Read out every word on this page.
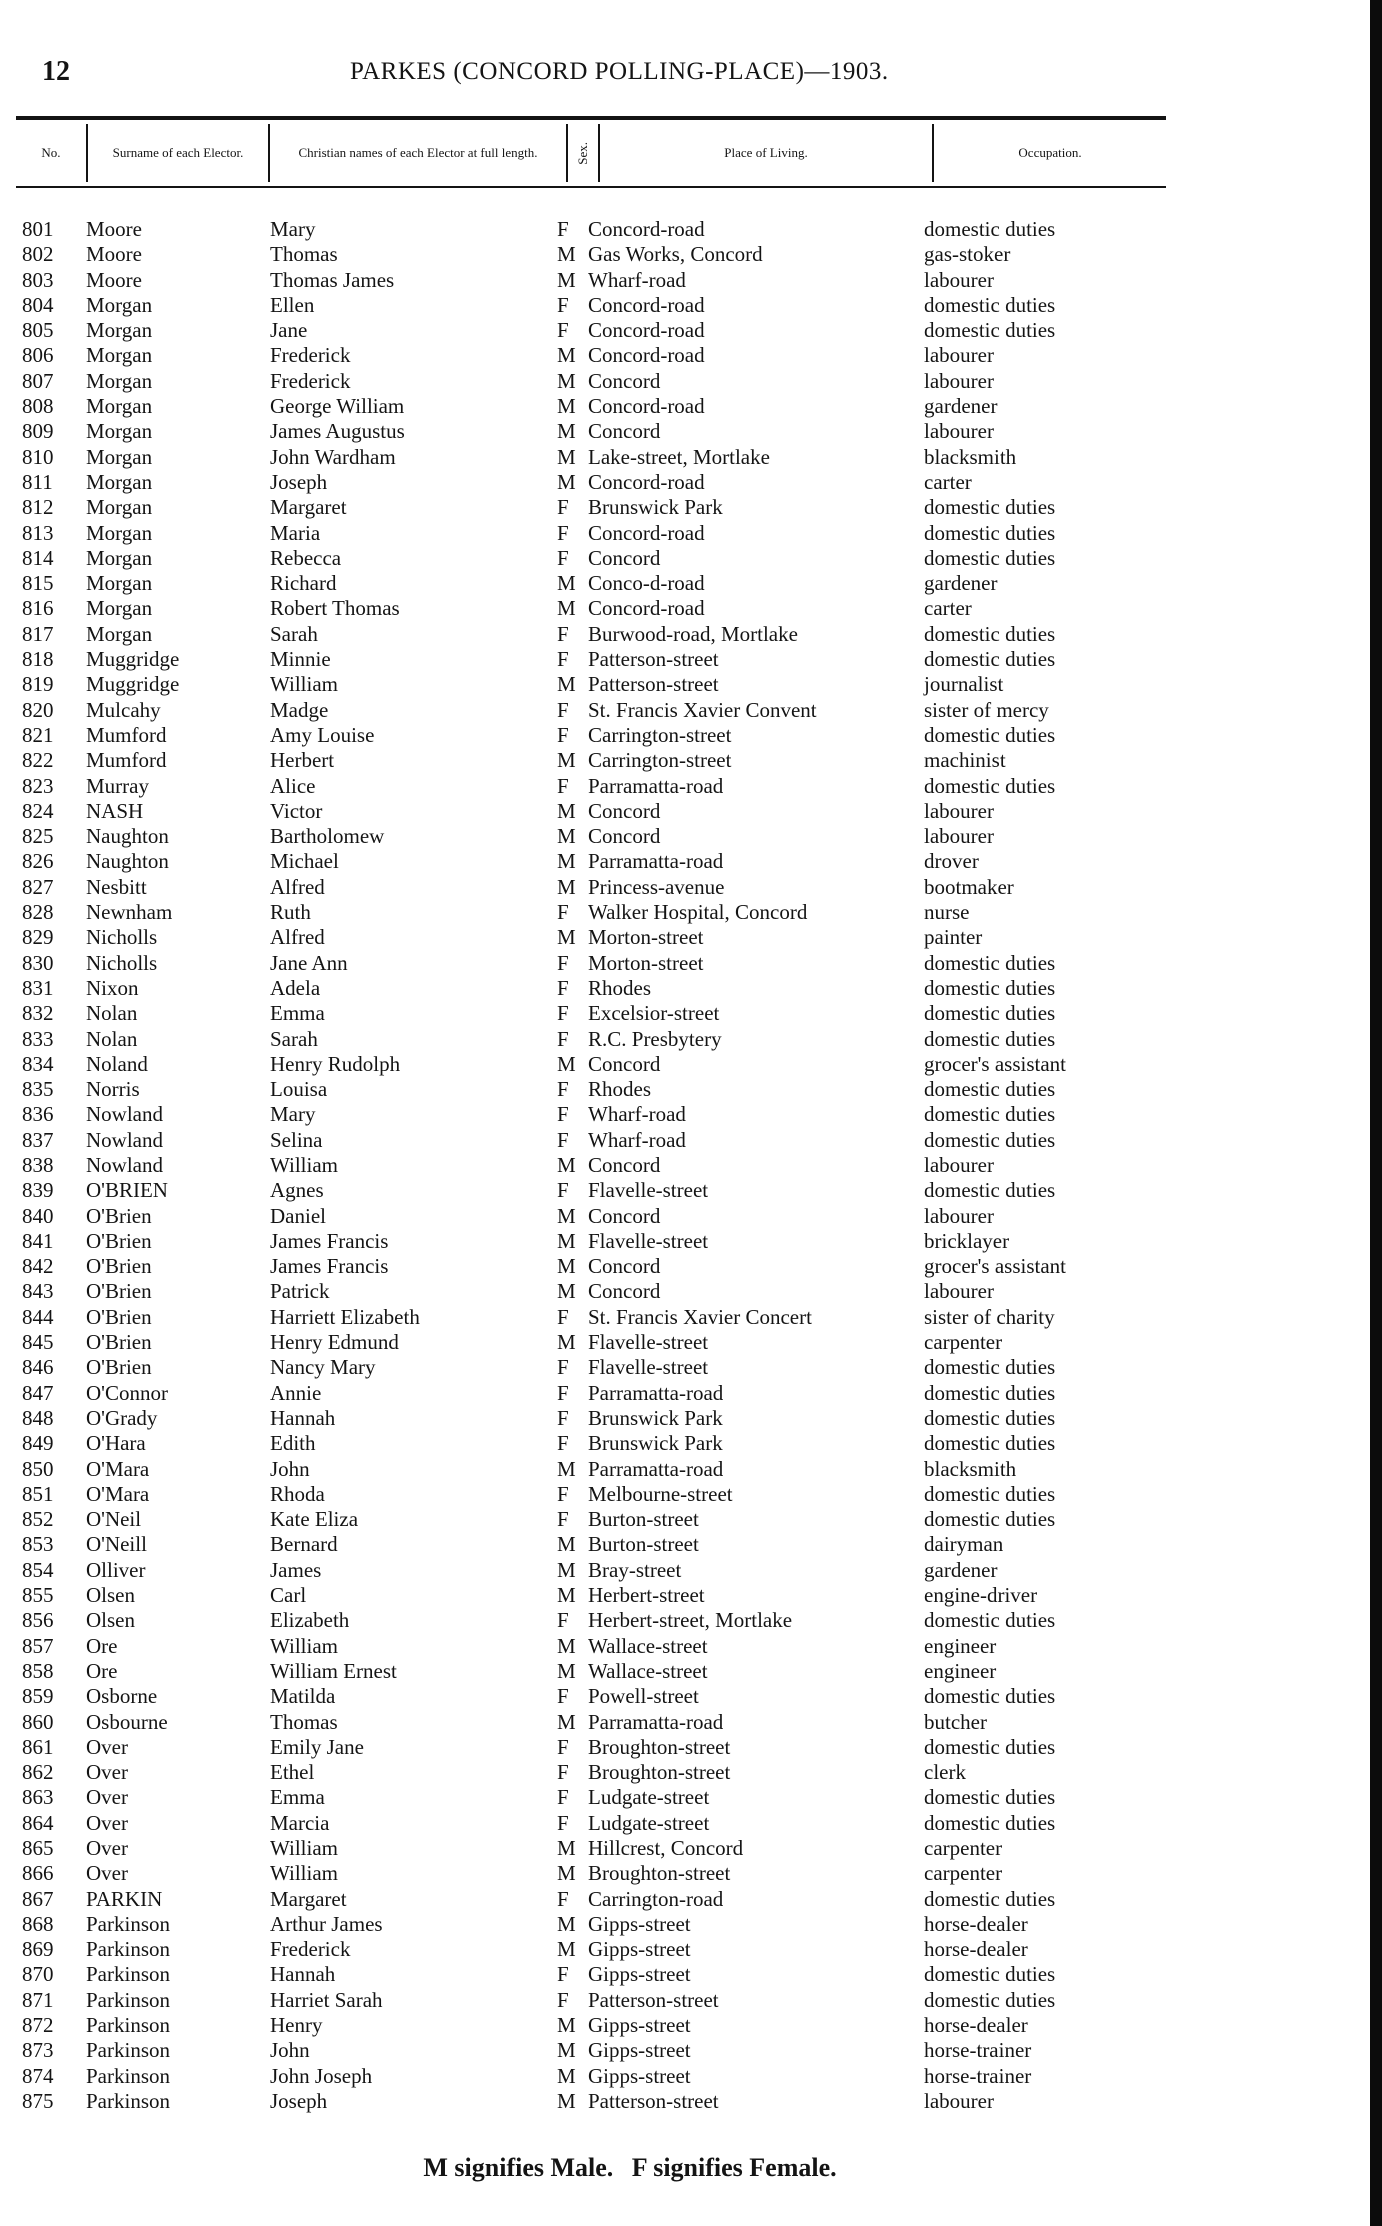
12	PARKES (CONCORD POLLING-PLACE)—1903.
No.	Surname of each Elector.	Christian names of each Elector at full length.	Sex.	Place of Living.	Occupation.
801 Moore	Mary	F Concord-road	domestic duties
802 Moore	Thomas	M Gas Works, Concord	gas-stoker
803 Moore	Thomas James	M Wharf-road	labourer
804 Morgan	Ellen	F Concord-road	domestic duties
805 Morgan	Jane	F Concord-road	domestic duties
806 Morgan	Frederick	M Concord-road	labourer
807 Morgan	Frederick	M Concord	labourer
808 Morgan	George William	M Concord-road	gardener
809 Morgan	James Augustus	M Concord	labourer
810 Morgan	John Wardham	M Lake-street, Mortlake	blacksmith
811 Morgan	Joseph	M Concord-road	carter
812 Morgan	Margaret	F Brunswick Park	domestic duties
813 Morgan	Maria	F Concord-road	domestic duties
814 Morgan	Rebecca	F Concord	domestic duties
815 Morgan	Richard	M Conco-d-road	gardener
816 Morgan	Robert Thomas	M Concord-road	carter
817 Morgan	Sarah	F Burwood-road, Mortlake	domestic duties
818 Muggridge	Minnie	F Patterson-street	domestic duties
819 Muggridge	William	M Patterson-street	journalist
820 Mulcahy	Madge	F St. Francis Xavier Convent	sister of mercy
821 Mumford	Amy Louise	F Carrington-street	domestic duties
822 Mumford	Herbert	M Carrington-street	machinist
823 Murray	Alice	F Parramatta-road	domestic duties
824 NASH	Victor	M Concord	labourer
825 Naughton	Bartholomew	M Concord	labourer
826 Naughton	Michael	M Parramatta-road	drover
827 Nesbitt	Alfred	M Princess-avenue	bootmaker
828 Newnham	Ruth	F Walker Hospital, Concord	nurse
829 Nicholls	Alfred	M Morton-street	painter
830 Nicholls	Jane Ann	F Morton-street	domestic duties
831 Nixon	Adela	F Rhodes	domestic duties
832 Nolan	Emma	F Excelsior-street	domestic duties
833 Nolan	Sarah	F R.C. Presbytery	domestic duties
834 Noland	Henry Rudolph	M Concord	grocer's assistant
835 Norris	Louisa	F Rhodes	domestic duties
836 Nowland	Mary	F Wharf-road	domestic duties
837 Nowland	Selina	F Wharf-road	domestic duties
838 Nowland	William	M Concord	labourer
839 O'BRIEN	Agnes	F Flavelle-street	domestic duties
840 O'Brien	Daniel	M Concord	labourer
841 O'Brien	James Francis	M Flavelle-street	bricklayer
842 O'Brien	James Francis	M Concord	grocer's assistant
843 O'Brien	Patrick	M Concord	labourer
844 O'Brien	Harriett Elizabeth	F St. Francis Xavier Concert	sister of charity
845 O'Brien	Henry Edmund	M Flavelle-street	carpenter
846 O'Brien	Nancy Mary	F Flavelle-street	domestic duties
847 O'Connor	Annie	F Parramatta-road	domestic duties
848 O'Grady	Hannah	F Brunswick Park	domestic duties
849 O'Hara	Edith	F Brunswick Park	domestic duties
850 O'Mara	John	M Parramatta-road	blacksmith
851 O'Mara	Rhoda	F Melbourne-street	domestic duties
852 O'Neil	Kate Eliza	F Burton-street	domestic duties
853 O'Neill	Bernard	M Burton-street	dairyman
854 Olliver	James	M Bray-street	gardener
855 Olsen	Carl	M Herbert-street	engine-driver
856 Olsen	Elizabeth	F Herbert-street, Mortlake	domestic duties
857 Ore	William	M Wallace-street	engineer
858 Ore	William Ernest	M Wallace-street	engineer
859 Osborne	Matilda	F Powell-street	domestic duties
860 Osbourne	Thomas	M Parramatta-road	butcher
861 Over	Emily Jane	F Broughton-street	domestic duties
862 Over	Ethel	F Broughton-street	clerk
863 Over	Emma	F Ludgate-street	domestic duties
864 Over	Marcia	F Ludgate-street	domestic duties
865 Over	William	M Hillcrest, Concord	carpenter
866 Over	William	M Broughton-street	carpenter
867 PARKIN	Margaret	F Carrington-road	domestic duties
868 Parkinson	Arthur James	M Gipps-street	horse-dealer
869 Parkinson	Frederick	M Gipps-street	horse-dealer
870 Parkinson	Hannah	F Gipps-street	domestic duties
871 Parkinson	Harriet Sarah	F Patterson-street	domestic duties
872 Parkinson	Henry	M Gipps-street	horse-dealer
873 Parkinson	John	M Gipps-street	horse-trainer
874 Parkinson	John Joseph	M Gipps-street	horse-trainer
875 Parkinson	Joseph	M Patterson-street	labourer
M signifies Male. F signifies Female.
